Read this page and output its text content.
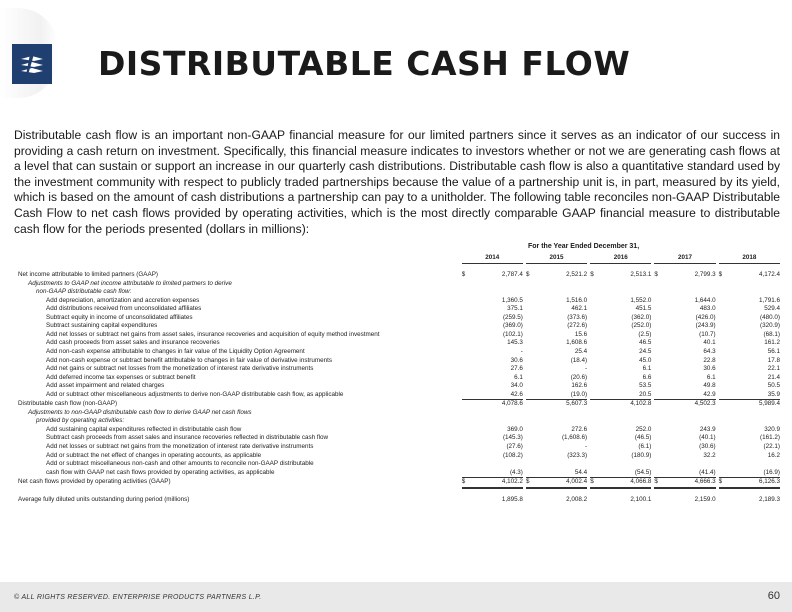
DISTRIBUTABLE CASH FLOW

Distributable cash flow is an important non-GAAP financial measure for our limited partners since it serves as an indicator of our success in providing a cash return on investment. Specifically, this financial measure indicates to investors whether or not we are generating cash flows at a level that can sustain or support an increase in our quarterly cash distributions. Distributable cash flow is also a quantitative standard used by the investment community with respect to publicly traded partnerships because the value of a partnership unit is, in part, measured by its yield, which is based on the amount of cash distributions a partnership can pay to a unitholder. The following table reconciles non-GAAP Distributable Cash Flow to net cash flows provided by operating activities, which is the most directly comparable GAAP financial measure to distributable cash flow for the periods presented (dollars in millions):

For the Year Ended December 31,
		2014			2015			2016			2017			2018	

Net income attributable to limited partners (GAAP)		$	2,787.4		$	2,521.2		$	2,513.1		$	2,799.3		$	4,172.4
Adjustments to GAAP net income attributable to limited partners to derive															
non-GAAP distributable cash flow:															
Add depreciation, amortization and accretion expenses			1,360.5			1,516.0			1,552.0			1,644.0			1,791.6
Add distributions received from unconsolidated affiliates			375.1			462.1			451.5			483.0			529.4
Subtract equity in income of unconsolidated affiliates			(259.5)			(373.6)			(362.0)			(426.0)			(480.0)
Subtract sustaining capital expenditures			(369.0)			(272.6)			(252.0)			(243.9)			(320.9)
Add net losses or subtract net gains from asset sales, insurance recoveries and acquisition of equity method investment			(102.1)			15.6			(2.5)			(10.7)			(68.1)
Add cash proceeds from asset sales and insurance recoveries			145.3			1,608.6			46.5			40.1			161.2
Add non-cash expense attributable to changes in fair value of the Liquidity Option Agreement			-			25.4			24.5			64.3			56.1
Add non-cash expense or subtract benefit attributable to changes in fair value of derivative instruments			30.6			(18.4)			45.0			22.8			17.8
Add net gains or subtract net losses from the monetization of interest rate derivative instruments			27.6			-			6.1			30.6			22.1
Add deferred income tax expenses or subtract benefit			6.1			(20.6)			6.6			6.1			21.4
Add asset impairment and related charges			34.0			162.6			53.5			49.8			50.5
Add or subtract other miscellaneous adjustments to derive non-GAAP distributable cash flow, as applicable			42.6			(19.0)			20.5			42.9			35.9
Distributable cash flow (non-GAAP)			4,078.6			5,607.3			4,102.8			4,502.3			5,989.4
Adjustments to non-GAAP distributable cash flow to derive GAAP net cash flows															
provided by operating activities:															
Add sustaining capital expenditures reflected in distributable cash flow			369.0			272.6			252.0			243.9			320.9
Subtract cash proceeds from asset sales and insurance recoveries reflected in distributable cash flow			(145.3)			(1,608.6)			(46.5)			(40.1)			(161.2)
Add net losses or subtract net gains from the monetization of interest rate derivative instruments			(27.6)			-			(6.1)			(30.6)			(22.1)
Add or subtract the net effect of changes in operating accounts, as applicable			(108.2)			(323.3)			(180.9)			32.2			16.2
Add or subtract miscellaneous non-cash and other amounts to reconcile non-GAAP distributable															
cash flow with GAAP net cash flows provided by operating activities, as applicable			(4.3)			54.4			(54.5)			(41.4)			(16.9)
Net cash flows provided by operating activities (GAAP)		$	4,102.2		$	4,002.4		$	4,066.8		$	4,666.3		$	6,126.3

Average fully diluted units outstanding during period (millions)			1,895.8			2,008.2			2,100.1			2,159.0			2,189.3
© ALL RIGHTS RESERVED. ENTERPRISE PRODUCTS PARTNERS L.P.	60
